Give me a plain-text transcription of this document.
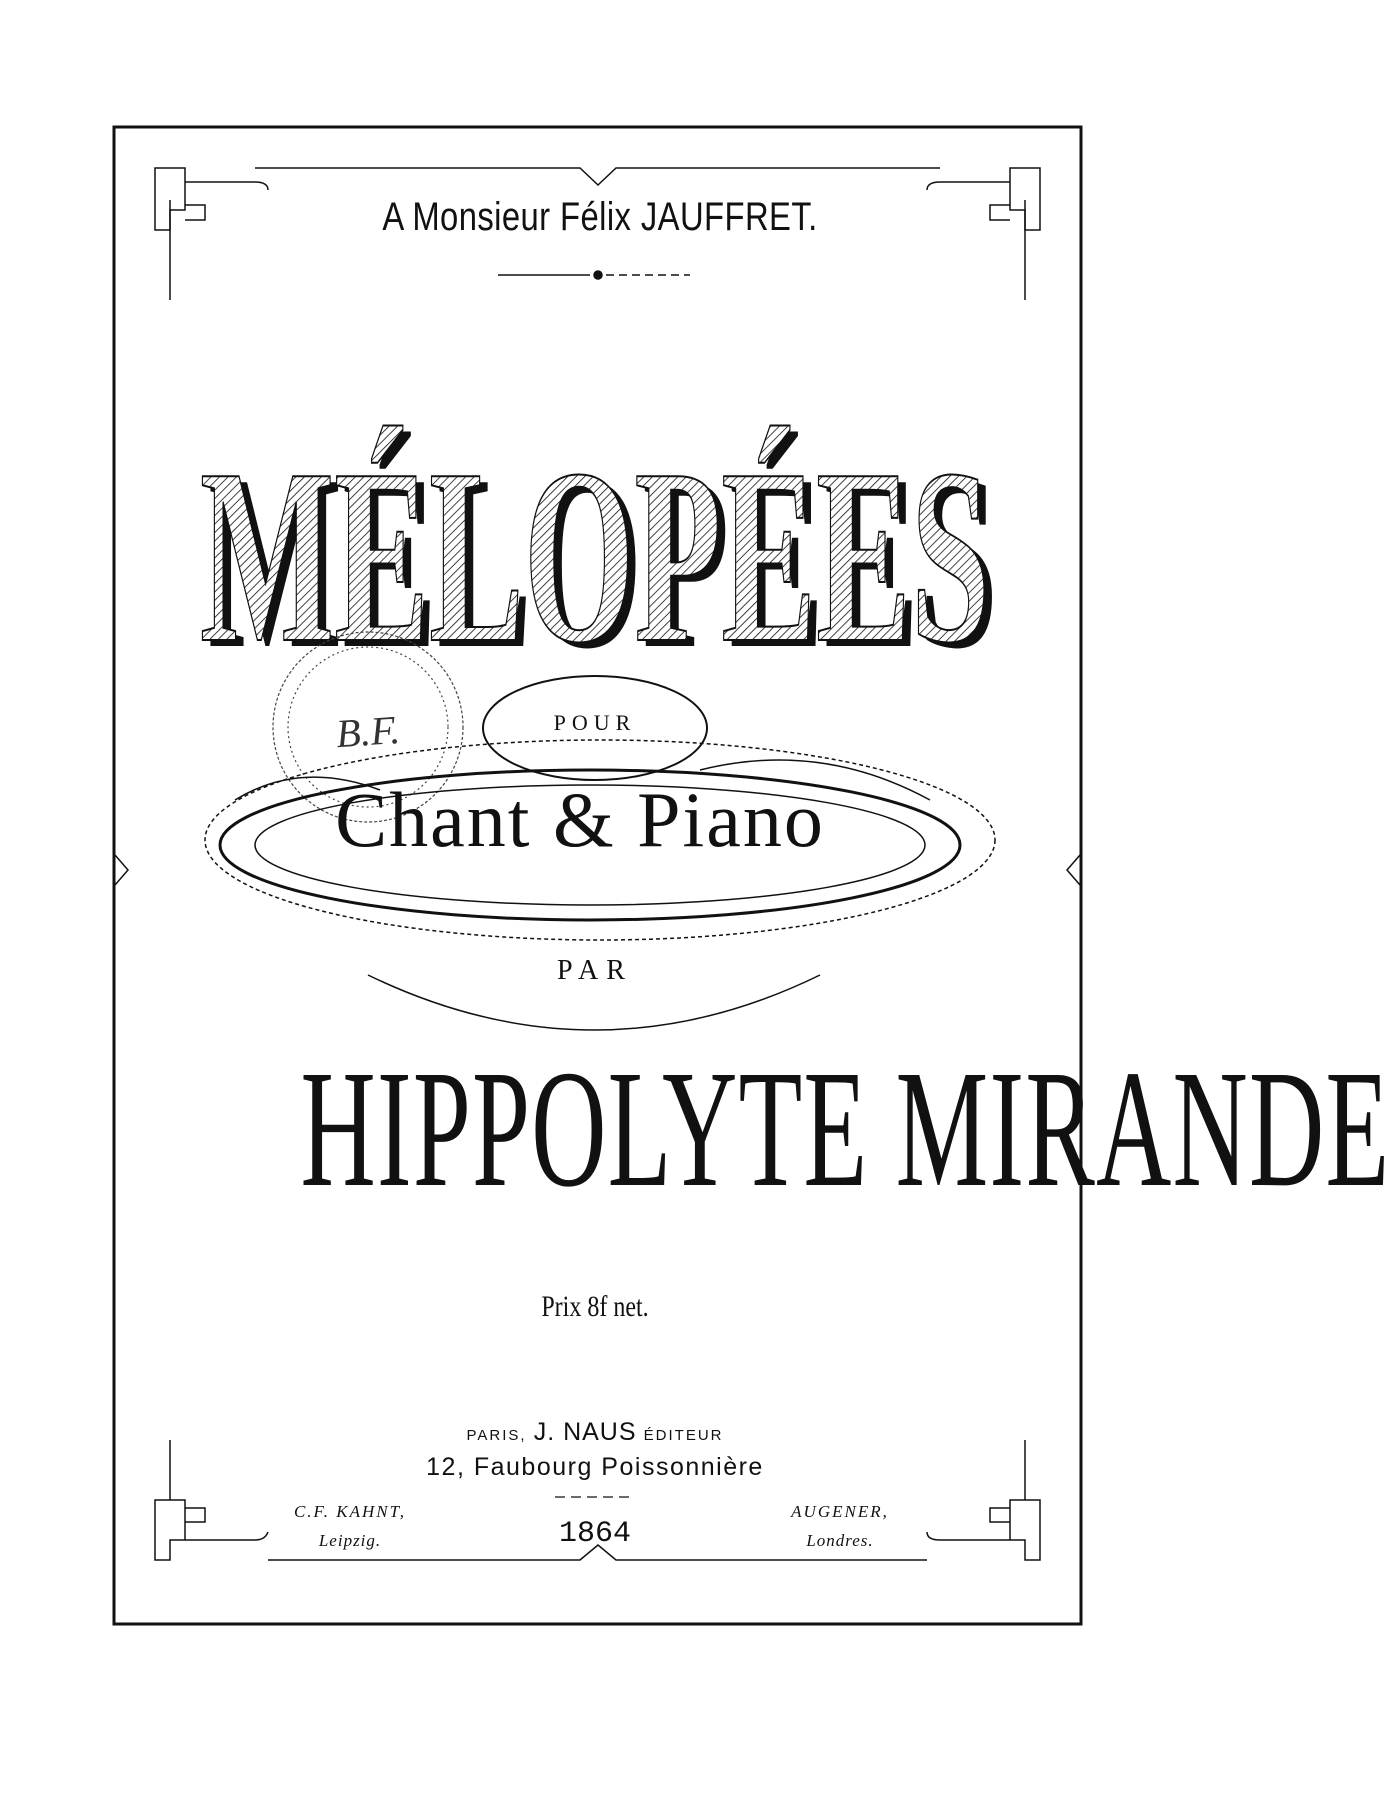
MÉLOPÉES
MÉLOPÉES
A Monsieur Félix JAUFFRET.
B.F.	POUR
Chant & Piano
PAR
HIPPOLYTE MIRANDE
Prix 8f net.
PARIS, J. NAUS ÉDITEUR
12, Faubourg Poissonnière
C.F. KAHNT,
Leipzig.	1864
AUGENER,
Londres.
